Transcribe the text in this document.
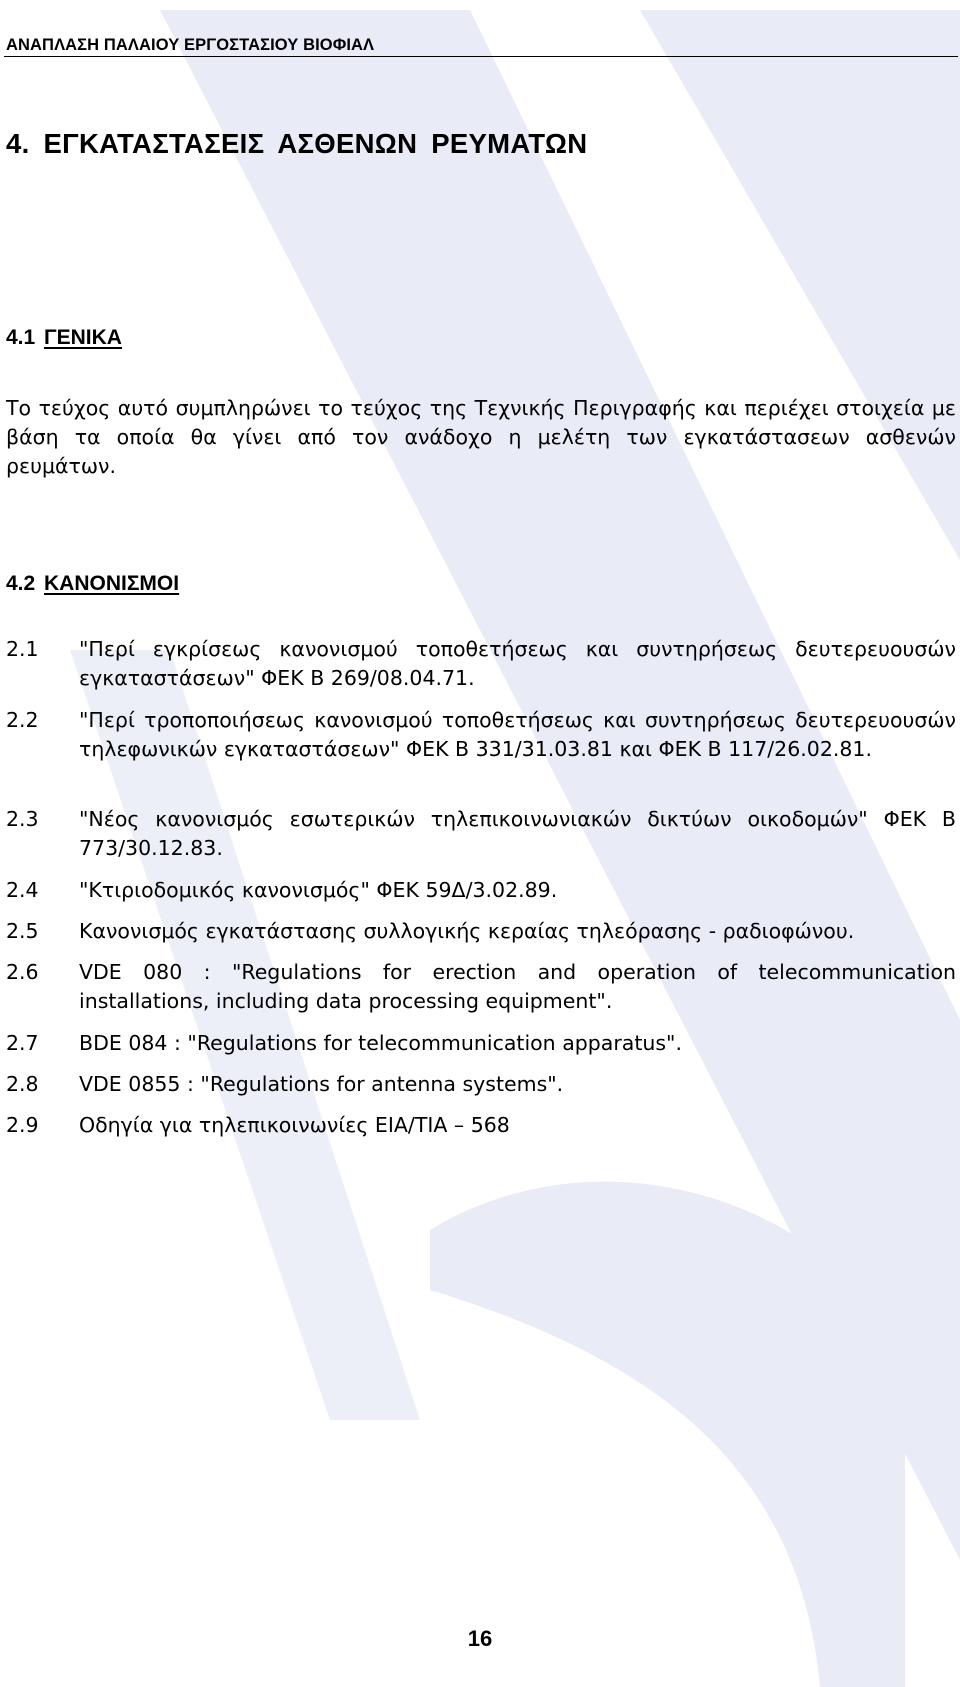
ΑΝΑΠΛΑΣΗ ΠΑΛΑΙΟΥ ΕΡΓΟΣΤΑΣΙΟΥ ΒΙΟΦΙΑΛ
4. ΕΓΚΑΤΑΣΤΑΣΕΙΣ ΑΣΘΕΝΩΝ ΡΕΥΜΑΤΩΝ
4.1 ΓΕΝΙΚΑ

Το τεύχος αυτό συμπληρώνει το τεύχος της Τεχνικής Περιγραφής και περιέχει στοιχεία με βάση τα οποία θα γίνει από τον ανάδοχο η μελέτη των εγκατάστασεων ασθενών ρευμάτων.

4.2 ΚΑΝΟΝΙΣΜΟΙ
2.1	"Περί εγκρίσεως κανονισμού τοποθετήσεως και συντηρήσεως δευτερευουσών εγκαταστάσεων" ΦΕΚ Β 269/08.04.71.
2.2	"Περί τροποποιήσεως κανονισμού τοποθετήσεως και συντηρήσεως δευτερευουσών τηλεφωνικών εγκαταστάσεων" ΦΕΚ Β 331/31.03.81 και ΦΕΚ Β 117/26.02.81.
2.3	"Νέος κανονισμός εσωτερικών τηλεπικοινωνιακών δικτύων οικοδομών" ΦΕΚ Β 773/30.12.83.
2.4	"Κτιριοδομικός κανονισμός" ΦΕΚ 59Δ/3.02.89.
2.5	Κανονισμός εγκατάστασης συλλογικής κεραίας τηλεόρασης - ραδιοφώνου.
2.6	VDE 080 : "Regulations for erection and operation of telecommunication installations, including data processing equipment".
2.7	BDE 084 : "Regulations for telecommunication apparatus".
2.8	VDE 0855 : "Regulations for antenna systems".
2.9	Οδηγία για τηλεπικοινωνίες EIA/TIA – 568
16
